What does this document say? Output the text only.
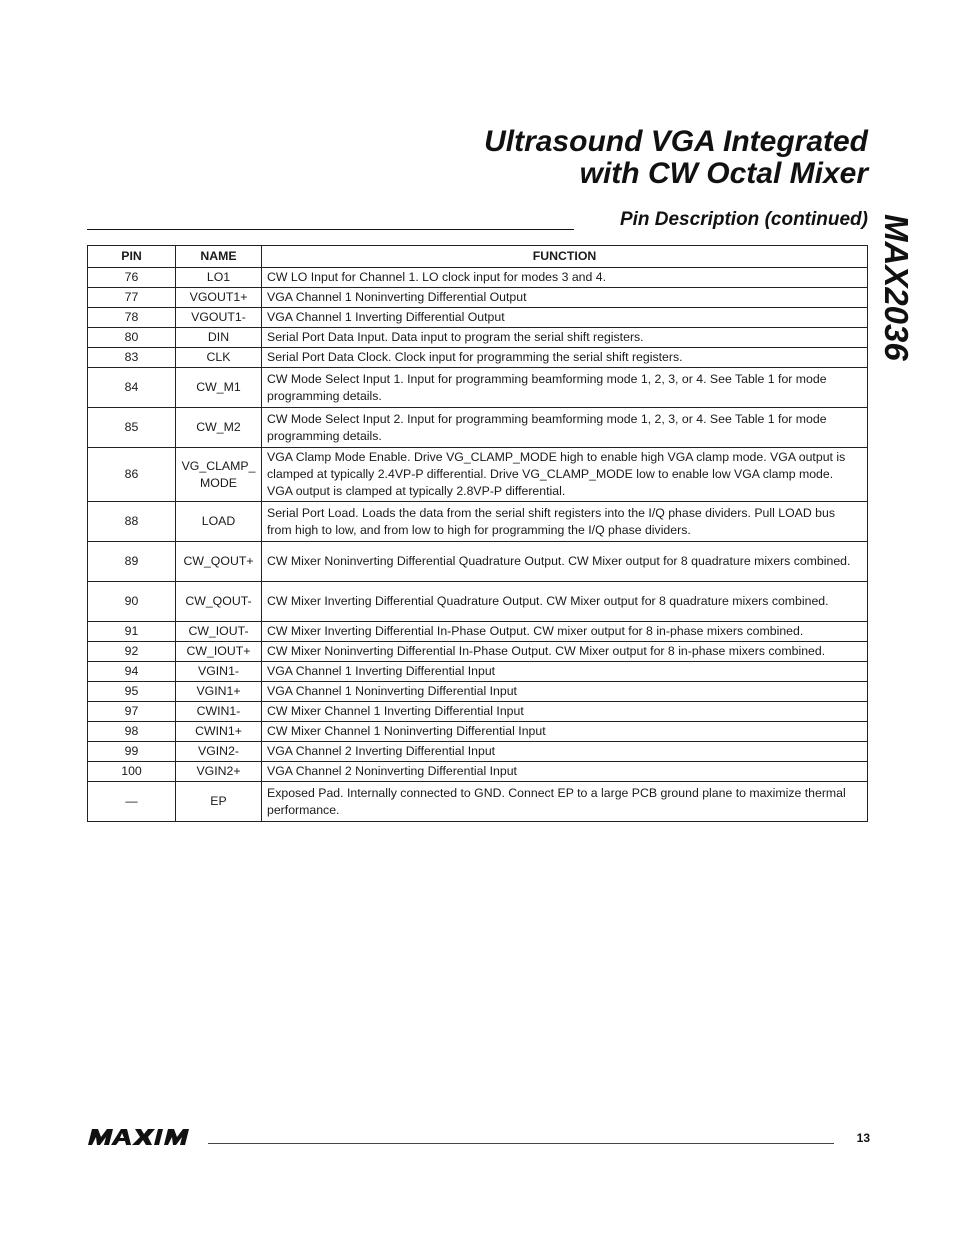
Ultrasound VGA Integrated
with CW Octal Mixer
MAX2036
Pin Description (continued)
PIN	NAME	FUNCTION
76	LO1	CW LO Input for Channel 1. LO clock input for modes 3 and 4.
77	VGOUT1+	VGA Channel 1 Noninverting Differential Output
78	VGOUT1-	VGA Channel 1 Inverting Differential Output
80	DIN	Serial Port Data Input. Data input to program the serial shift registers.
83	CLK	Serial Port Data Clock. Clock input for programming the serial shift registers.
84	CW_M1	CW Mode Select Input 1. Input for programming beamforming mode 1, 2, 3, or 4. See Table 1 for mode programming details.
85	CW_M2	CW Mode Select Input 2. Input for programming beamforming mode 1, 2, 3, or 4. See Table 1 for mode programming details.
86	VG_CLAMP_ MODE	VGA Clamp Mode Enable. Drive VG_CLAMP_MODE high to enable high VGA clamp mode. VGA output is clamped at typically 2.4VP-P differential. Drive VG_CLAMP_MODE low to enable low VGA clamp mode. VGA output is clamped at typically 2.8VP-P differential.
88	LOAD	Serial Port Load. Loads the data from the serial shift registers into the I/Q phase dividers. Pull LOAD bus from high to low, and from low to high for programming the I/Q phase dividers.
89	CW_QOUT+	CW Mixer Noninverting Differential Quadrature Output. CW Mixer output for 8 quadrature mixers combined.
90	CW_QOUT-	CW Mixer Inverting Differential Quadrature Output. CW Mixer output for 8 quadrature mixers combined.
91	CW_IOUT-	CW Mixer Inverting Differential In-Phase Output. CW mixer output for 8 in-phase mixers combined.
92	CW_IOUT+	CW Mixer Noninverting Differential In-Phase Output. CW Mixer output for 8 in-phase mixers combined.
94	VGIN1-	VGA Channel 1 Inverting Differential Input
95	VGIN1+	VGA Channel 1 Noninverting Differential Input
97	CWIN1-	CW Mixer Channel 1 Inverting Differential Input
98	CWIN1+	CW Mixer Channel 1 Noninverting Differential Input
99	VGIN2-	VGA Channel 2 Inverting Differential Input
100	VGIN2+	VGA Channel 2 Noninverting Differential Input
—	EP	Exposed Pad. Internally connected to GND. Connect EP to a large PCB ground plane to maximize thermal performance.
13
